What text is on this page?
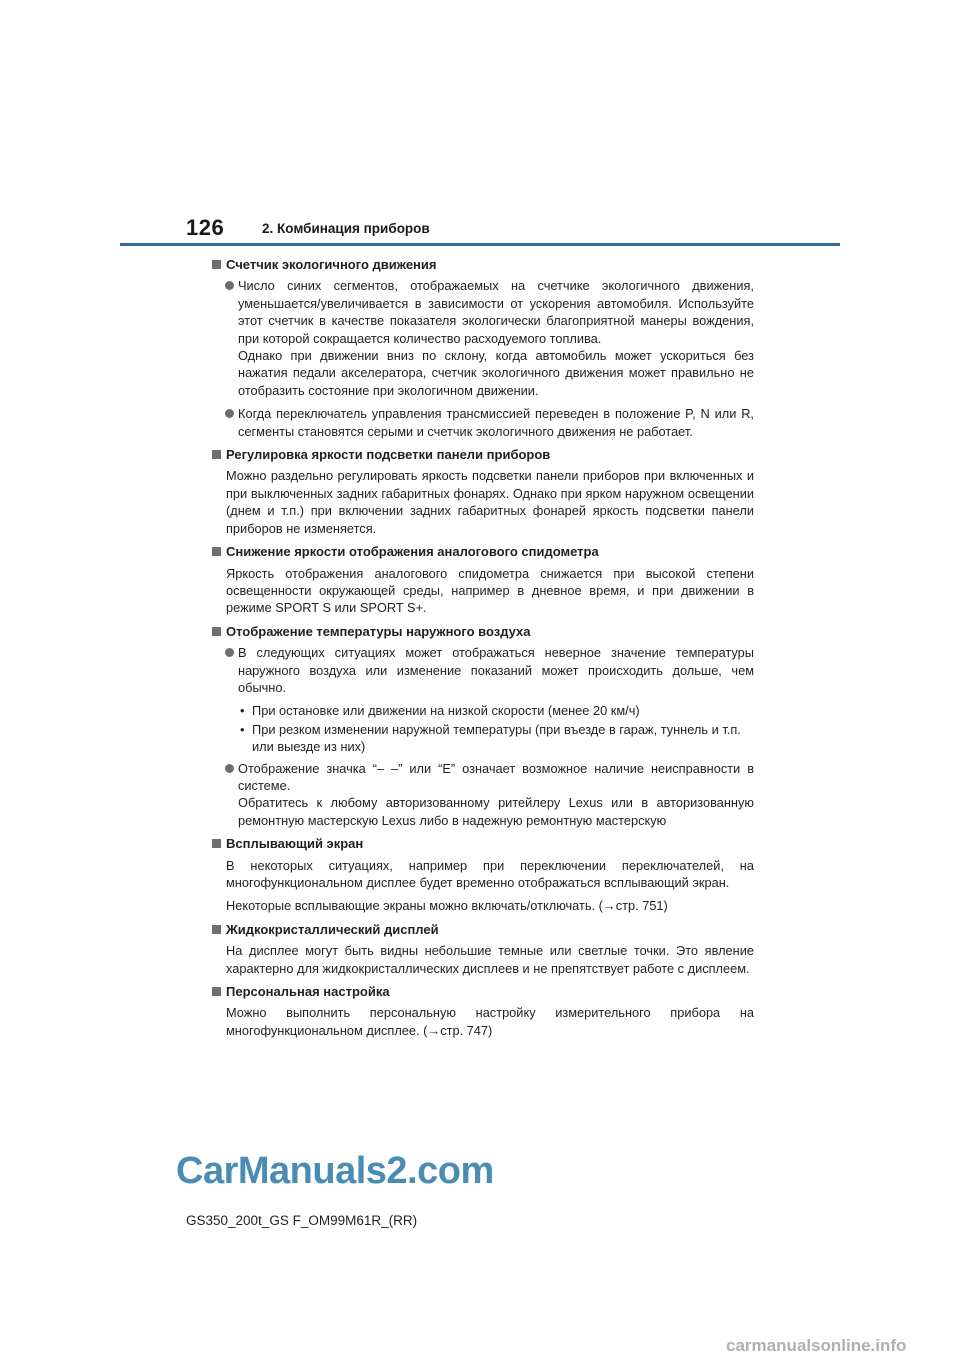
126	2. Комбинация приборов
Счетчик экологичного движения
Число синих сегментов, отображаемых на счетчике экологичного движения, уменьшается/увеличивается в зависимости от ускорения автомобиля. Используйте этот счетчик в качестве показателя экологически благоприятной манеры вождения, при которой сокращается количество расходуемого топлива.
Однако при движении вниз по склону, когда автомобиль может ускориться без нажатия педали акселератора, счетчик экологичного движения может правильно не отобразить состояние при экологичном движении.
Когда переключатель управления трансмиссией переведен в положение P, N или R, сегменты становятся серыми и счетчик экологичного движения не работает.
Регулировка яркости подсветки панели приборов
Можно раздельно регулировать яркость подсветки панели приборов при включенных и при выключенных задних габаритных фонарях. Однако при ярком наружном освещении (днем и т.п.) при включении задних габаритных фонарей яркость подсветки панели приборов не изменяется.
Снижение яркости отображения аналогового спидометра
Яркость отображения аналогового спидометра снижается при высокой степени освещенности окружающей среды, например в дневное время, и при движении в режиме SPORT S или SPORT S+.
Отображение температуры наружного воздуха
В следующих ситуациях может отображаться неверное значение температуры наружного воздуха или изменение показаний может происходить дольше, чем обычно.
• При остановке или движении на низкой скорости (менее 20 км/ч)
• При резком изменении наружной температуры (при въезде в гараж, туннель и т.п. или выезде из них)
Отображение значка “– –” или “E” означает возможное наличие неисправности в системе.
Обратитесь к любому авторизованному ритейлеру Lexus или в авторизованную ремонтную мастерскую Lexus либо в надежную ремонтную мастерскую
Всплывающий экран
В некоторых ситуациях, например при переключении переключателей, на многофункциональном дисплее будет временно отображаться всплывающий экран.
Некоторые всплывающие экраны можно включать/отключать. (→стр. 751)
Жидкокристаллический дисплей
На дисплее могут быть видны небольшие темные или светлые точки. Это явление характерно для жидкокристаллических дисплеев и не препятствует работе с дисплеем.
Персональная настройка
Можно выполнить персональную настройку измерительного прибора на многофункциональном дисплее. (→стр. 747)
CarManuals2.com
GS350_200t_GS F_OM99M61R_(RR)
carmanualsonline.info
